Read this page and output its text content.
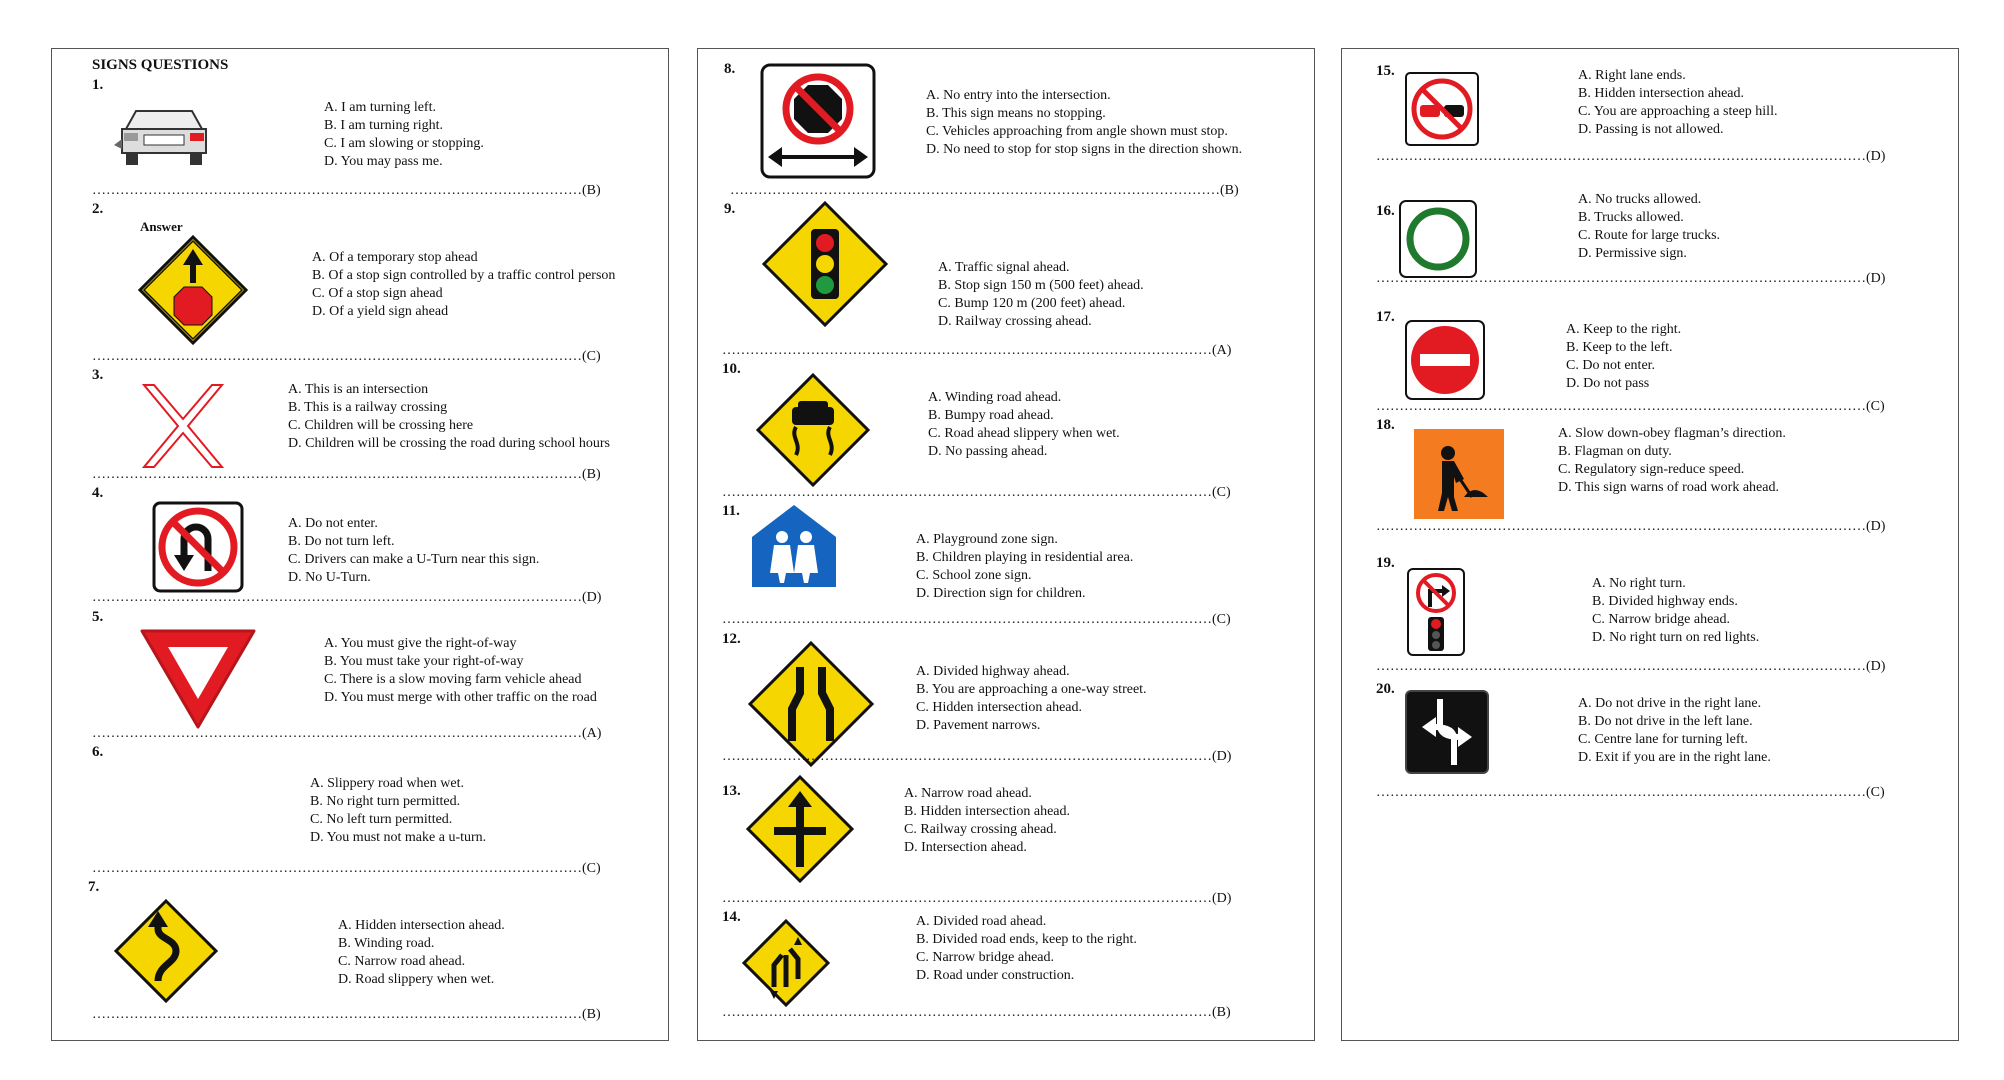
SIGNS QUESTIONS
1.
A. I am turning left.
B. I am turning right.
C. I am slowing or stopping.
D. You may pass me.
……………………………………………………………………………………………(B)
2.
Answer
A. Of a temporary stop ahead
B. Of a stop sign controlled by a traffic control person
C. Of a stop sign ahead
D. Of a yield sign ahead
……………………………………………………………………………………………(C)
3.
A. This is an intersection
B. This is a railway crossing
C. Children will be crossing here
D. Children will be crossing the road during school hours
……………………………………………………………………………………………(B)
4.
A. Do not enter.
B. Do not turn left.
C. Drivers can make a U-Turn near this sign.
D. No U-Turn.
……………………………………………………………………………………………(D)
5.
A. You must give the right-of-way
B. You must take your right-of-way
C. There is a slow moving farm vehicle ahead
D. You must merge with other traffic on the road
……………………………………………………………………………………………(A)
6.
A. Slippery road when wet.
B. No right turn permitted.
C. No left turn permitted.
D. You must not make a u-turn.
……………………………………………………………………………………………(C)
7.
A. Hidden intersection ahead.
B. Winding road.
C. Narrow road ahead.
D. Road slippery when wet.
……………………………………………………………………………………………(B)
8.
A. No entry into the intersection.
B. This sign means no stopping.
C. Vehicles approaching from angle shown must stop.
D. No need to stop for stop signs in the direction shown.
……………………………………………………………………………………………(B)
9.
A. Traffic signal ahead.
B. Stop sign 150 m (500 feet) ahead.
C. Bump 120 m (200 feet) ahead.
D. Railway crossing ahead.
……………………………………………………………………………………………(A)
10.
A. Winding road ahead.
B. Bumpy road ahead.
C. Road ahead slippery when wet.
D. No passing ahead.
……………………………………………………………………………………………(C)
11.
A. Playground zone sign.
B. Children playing in residential area.
C. School zone sign.
D. Direction sign for children.
……………………………………………………………………………………………(C)
12.
A. Divided highway ahead.
B. You are approaching a one-way street.
C. Hidden intersection ahead.
D. Pavement narrows.
……………………………………………………………………………………………(D)
13.	A. Narrow road ahead.
B. Hidden intersection ahead.
C. Railway crossing ahead.
D. Intersection ahead.
……………………………………………………………………………………………(D)
14.	A. Divided road ahead.
B. Divided road ends, keep to the right.
C. Narrow bridge ahead.
D. Road under construction.
……………………………………………………………………………………………(B)
15.	A. Right lane ends.
B. Hidden intersection ahead.
C. You are approaching a steep hill.
D. Passing is not allowed.
……………………………………………………………………………………………(D)
16.
A. No trucks allowed.
B. Trucks allowed.
C. Route for large trucks.
D. Permissive sign.
……………………………………………………………………………………………(D)
17.
A. Keep to the right.
B. Keep to the left.
C. Do not enter.
D. Do not pass
……………………………………………………………………………………………(C)
18.
A. Slow down-obey flagman’s direction.
B. Flagman on duty.
C. Regulatory sign-reduce speed.
D. This sign warns of road work ahead.
……………………………………………………………………………………………(D)
19.
A. No right turn.
B. Divided highway ends.
C. Narrow bridge ahead.
D. No right turn on red lights.
……………………………………………………………………………………………(D)
20.
A. Do not drive in the right lane.
B. Do not drive in the left lane.
C. Centre lane for turning left.
D. Exit if you are in the right lane.
……………………………………………………………………………………………(C)
